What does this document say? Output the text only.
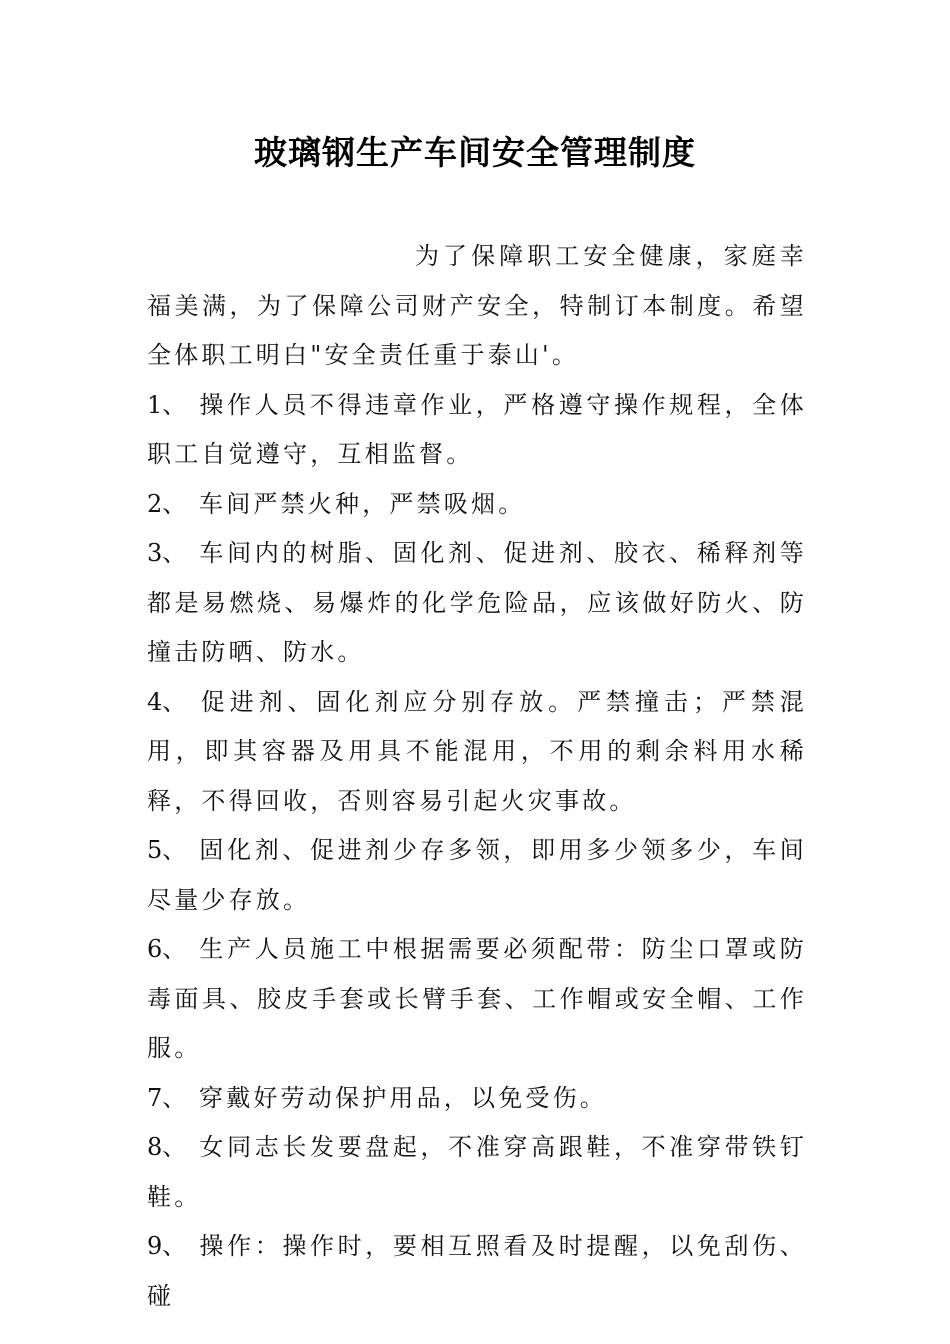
玻璃钢生产车间安全管理制度

为了保障职工安全健康，家庭幸福美满，为了保障公司财产安全，特制订本制度。希望全体职工明白"安全责任重于泰山'。

1、 操作人员不得违章作业，严格遵守操作规程，全体职工自觉遵守，互相监督。

2、 车间严禁火种，严禁吸烟。

3、 车间内的树脂、固化剂、促进剂、胶衣、稀释剂等都是易燃烧、易爆炸的化学危险品，应该做好防火、防撞击防晒、防水。

4、 促进剂、固化剂应分别存放。严禁撞击；严禁混用，即其容器及用具不能混用，不用的剩余料用水稀释，不得回收，否则容易引起火灾事故。

5、 固化剂、促进剂少存多领，即用多少领多少，车间尽量少存放。

6、 生产人员施工中根据需要必须配带：防尘口罩或防毒面具、胶皮手套或长臂手套、工作帽或安全帽、工作服。

7、 穿戴好劳动保护用品，以免受伤。

8、 女同志长发要盘起，不准穿高跟鞋，不准穿带铁钉鞋。

9、 操作：操作时，要相互照看及时提醒，以免刮伤、碰
